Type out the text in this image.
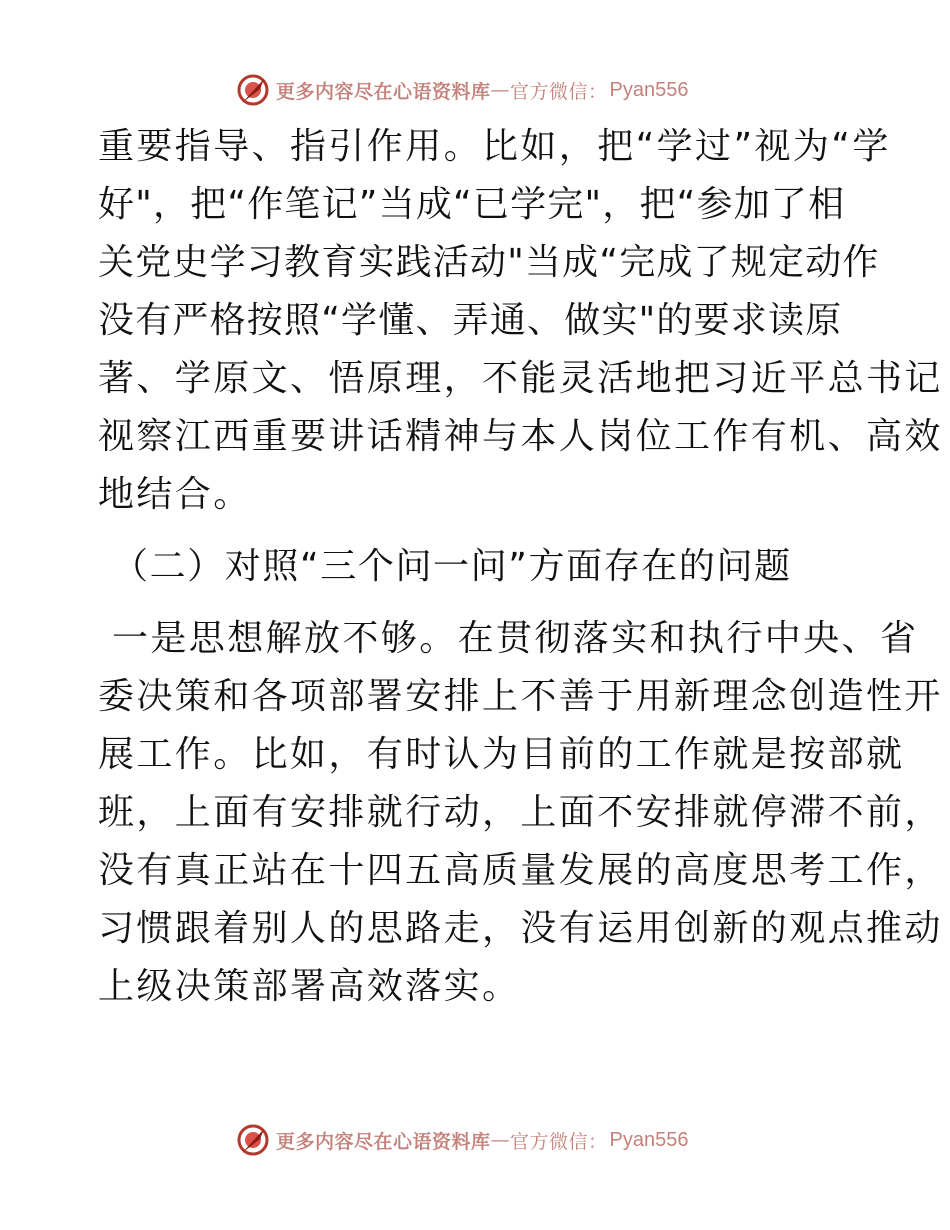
更多内容尽在心语资料库 — 官方微信： Pyan556
重要指导、指引作用。比如，把“学过”视为“学
好"，把“作笔记”当成“已学完"，把“参加了相
关党史学习教育实践活动"当成“完成了规定动作
没有严格按照“学懂、弄通、做实"的要求读原
著、学原文、悟原理，不能灵活地把习近平总书记
视察江西重要讲话精神与本人岗位工作有机、高效
地结合。
（二）对照“三个问一问”方面存在的问题
一是思想解放不够。在贯彻落实和执行中央、省
委决策和各项部署安排上不善于用新理念创造性开
展工作。比如，有时认为目前的工作就是按部就
班，上面有安排就行动，上面不安排就停滞不前，
没有真正站在十四五高质量发展的高度思考工作，
习惯跟着别人的思路走，没有运用创新的观点推动
上级决策部署高效落实。
更多内容尽在心语资料库 — 官方微信： Pyan556
